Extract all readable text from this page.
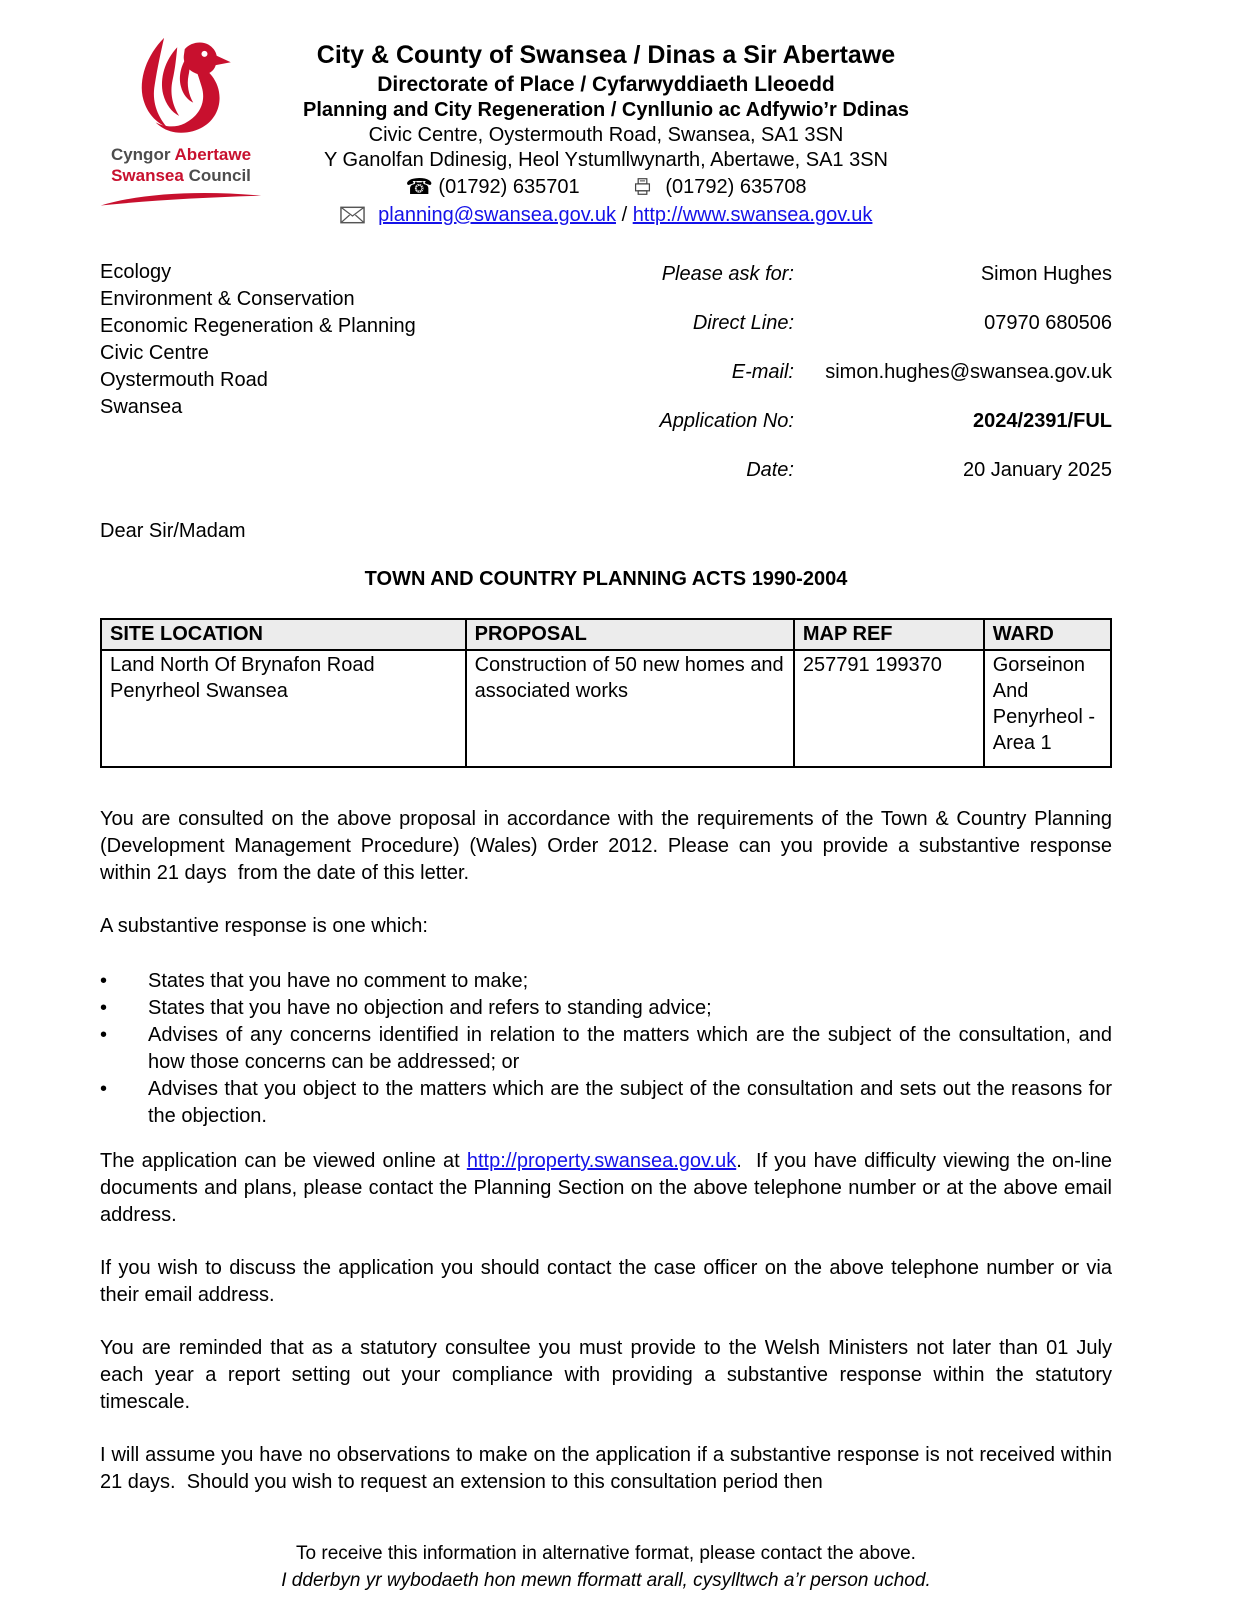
Cyngor Abertawe
Swansea Council
City & County of Swansea / Dinas a Sir Abertawe
Directorate of Place / Cyfarwyddiaeth Lleoedd
Planning and City Regeneration / Cynllunio ac Adfywio’r Ddinas
Civic Centre, Oystermouth Road, Swansea, SA1 3SN
Y Ganolfan Ddinesig, Heol Ystumllwynarth, Abertawe, SA1 3SN
☎ (01792) 635701	(01792) 635708
planning@swansea.gov.uk / http://www.swansea.gov.uk
Ecology
Environment & Conservation
Economic Regeneration & Planning
Civic Centre
Oystermouth Road
Swansea
Please ask for:	Simon Hughes
Direct Line:	07970 680506
E-mail:	simon.hughes@swansea.gov.uk
Application No:	2024/2391/FUL
Date:	20 January 2025
Dear Sir/Madam
TOWN AND COUNTRY PLANNING ACTS 1990-2004
SITE LOCATION	PROPOSAL	MAP REF	WARD
Land North Of Brynafon Road Penyrheol Swansea	Construction of 50 new homes and associated works	257791 199370	Gorseinon And Penyrheol - Area 1
You are consulted on the above proposal in accordance with the requirements of the Town & Country Planning (Development Management Procedure) (Wales) Order 2012. Please can you provide a substantive response within 21 days  from the date of this letter.
A substantive response is one which:
•	States that you have no comment to make;
•	States that you have no objection and refers to standing advice;
•	Advises of any concerns identified in relation to the matters which are the subject of the consultation, and how those concerns can be addressed; or
•	Advises that you object to the matters which are the subject of the consultation and sets out the reasons for the objection.
The application can be viewed online at http://property.swansea.gov.uk.  If you have difficulty viewing the on-line documents and plans, please contact the Planning Section on the above telephone number or at the above email address.
If you wish to discuss the application you should contact the case officer on the above telephone number or via their email address.
You are reminded that as a statutory consultee you must provide to the Welsh Ministers not later than 01 July each year a report setting out your compliance with providing a substantive response within the statutory timescale.
I will assume you have no observations to make on the application if a substantive response is not received within 21 days.  Should you wish to request an extension to this consultation period then
To receive this information in alternative format, please contact the above.
I dderbyn yr wybodaeth hon mewn fformatt arall, cysylltwch a’r person uchod.
